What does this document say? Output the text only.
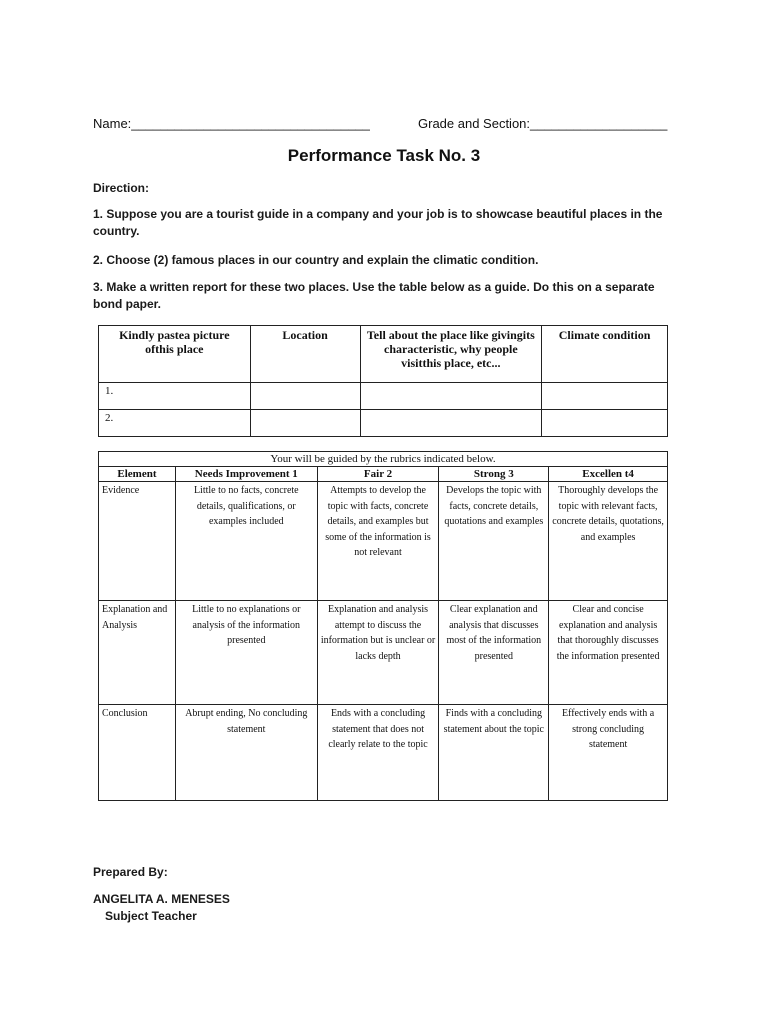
Name:_________________________________	Grade and Section:___________________
Performance Task No. 3
Direction:
1. Suppose you are a tourist guide in a company and your job is to showcase beautiful places in the country.
2. Choose (2) famous places in our country and explain the climatic condition.
3. Make a written report for these two places. Use the table below as a guide. Do this on a separate bond paper.
Kindly pastea picture ofthis place	Location	Tell about the place like givingits characteristic, why people visitthis place, etc...	Climate condition
1.			
2.			
Your will be guided by the rubrics indicated below.				
Element	Needs Improvement 1	Fair 2	Strong 3	Excellen t4
Evidence	Little to no facts, concrete details, qualifications, or examples included	Attempts to develop the topic with facts, concrete details, and examples but some of the information is not relevant	Develops the topic with facts, concrete details, quotations and examples	Thoroughly develops the topic with relevant facts, concrete details, quotations, and examples
Explanation and Analysis	Little to no explanations or analysis of the information presented	Explanation and analysis attempt to discuss the information but is unclear or lacks depth	Clear explanation and analysis that discusses most of the information presented	Clear and concise explanation and analysis that thoroughly discusses the information presented
Conclusion	Abrupt ending, No concluding statement	Ends with a concluding statement that does not clearly relate to the topic	Finds with a concluding statement about the topic	Effectively ends with a strong concluding statement
Prepared By:
ANGELITA A. MENESES
Subject Teacher
